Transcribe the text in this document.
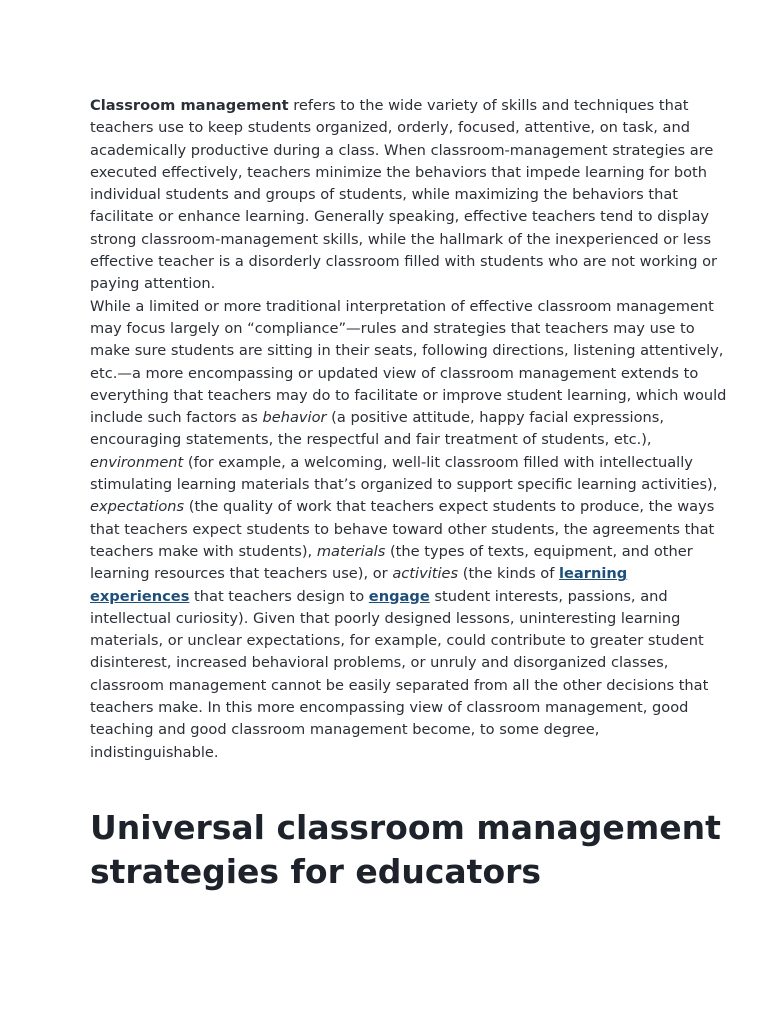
Classroom management refers to the wide variety of skills and techniques that teachers use to keep students organized, orderly, focused, attentive, on task, and academically productive during a class. When classroom-management strategies are executed effectively, teachers minimize the behaviors that impede learning for both individual students and groups of students, while maximizing the behaviors that facilitate or enhance learning. Generally speaking, effective teachers tend to display strong classroom-management skills, while the hallmark of the inexperienced or less effective teacher is a disorderly classroom filled with students who are not working or paying attention.

While a limited or more traditional interpretation of effective classroom management may focus largely on “compliance”—rules and strategies that teachers may use to make sure students are sitting in their seats, following directions, listening attentively, etc.—a more encompassing or updated view of classroom management extends to everything that teachers may do to facilitate or improve student learning, which would include such factors as behavior (a positive attitude, happy facial expressions, encouraging statements, the respectful and fair treatment of students, etc.), environment (for example, a welcoming, well-lit classroom filled with intellectually stimulating learning materials that’s organized to support specific learning activities), expectations (the quality of work that teachers expect students to produce, the ways that teachers expect students to behave toward other students, the agreements that teachers make with students), materials (the types of texts, equipment, and other learning resources that teachers use), or activities (the kinds of learning experiences that teachers design to engage student interests, passions, and intellectual curiosity). Given that poorly designed lessons, uninteresting learning materials, or unclear expectations, for example, could contribute to greater student disinterest, increased behavioral problems, or unruly and disorganized classes, classroom management cannot be easily separated from all the other decisions that teachers make. In this more encompassing view of classroom management, good teaching and good classroom management become, to some degree, indistinguishable.

Universal classroom management strategies for educators
